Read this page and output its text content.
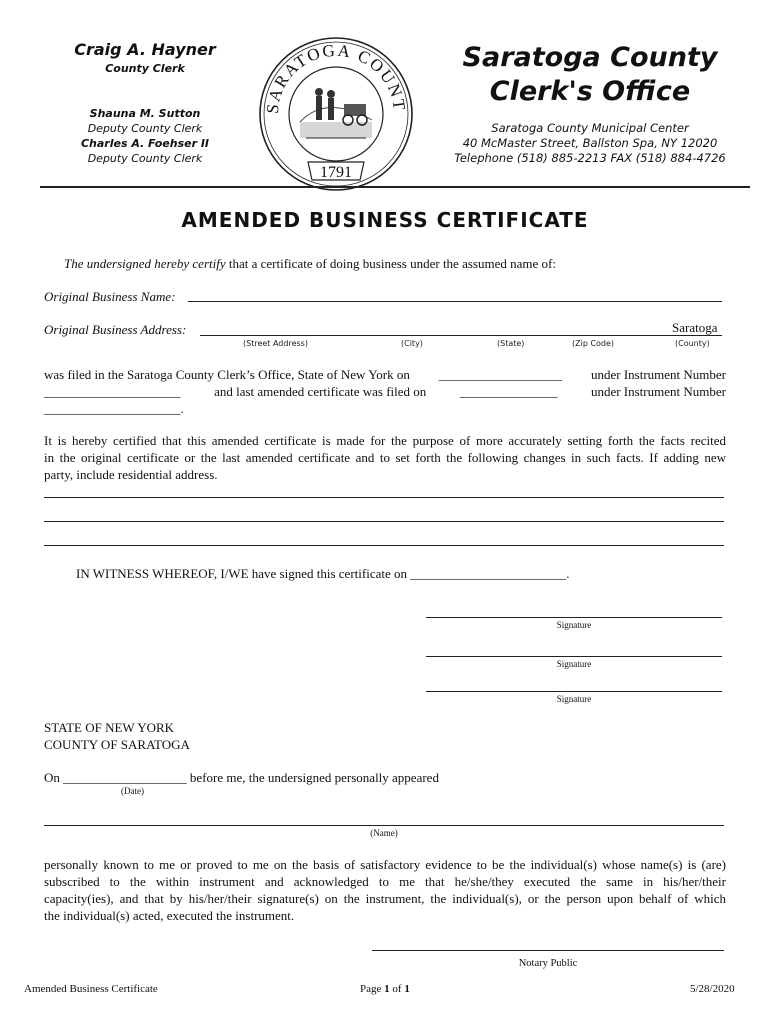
Craig A. Hayner
County Clerk
Shauna M. Sutton
Deputy County Clerk
Charles A. Foehser II
Deputy County Clerk
SARATOGA COUNT
1791
Saratoga County
Clerk's Office
Saratoga County Municipal Center
40 McMaster Street, Ballston Spa, NY 12020
Telephone (518) 885-2213 FAX (518) 884-4726
AMENDED BUSINESS CERTIFICATE
The undersigned hereby certify that a certificate of doing business under the assumed name of:
Original Business Name:
Original Business Address:	Saratoga
(Street Address)	(City)	(State)	(Zip Code)	(County)
was filed in the Saratoga County Clerk’s Office, State of New York on ___________________ under Instrument Number
_____________________	and last amended certificate was filed on	_______________	under Instrument Number
_____________________.
It is hereby certified that this amended certificate is made for the purpose of more accurately setting forth the facts recited
in the original certificate or the last amended certificate and to set forth the following changes in such facts. If adding new
party, include residential address.
IN WITNESS WHEREOF, I/WE have signed this certificate on ________________________.
Signature
Signature
Signature
STATE OF NEW YORK
COUNTY OF SARATOGA
On ___________________ before me, the undersigned personally appeared
(Date)
(Name)
personally known to me or proved to me on the basis of satisfactory evidence to be the individual(s) whose name(s) is (are)
subscribed to the within instrument and acknowledged to me that he/she/they executed the same in his/her/their
capacity(ies), and that by his/her/their signature(s) on the instrument, the individual(s), or the person upon behalf of which
the individual(s) acted, executed the instrument.
Notary Public
Amended Business Certificate	Page 1 of 1	5/28/2020
